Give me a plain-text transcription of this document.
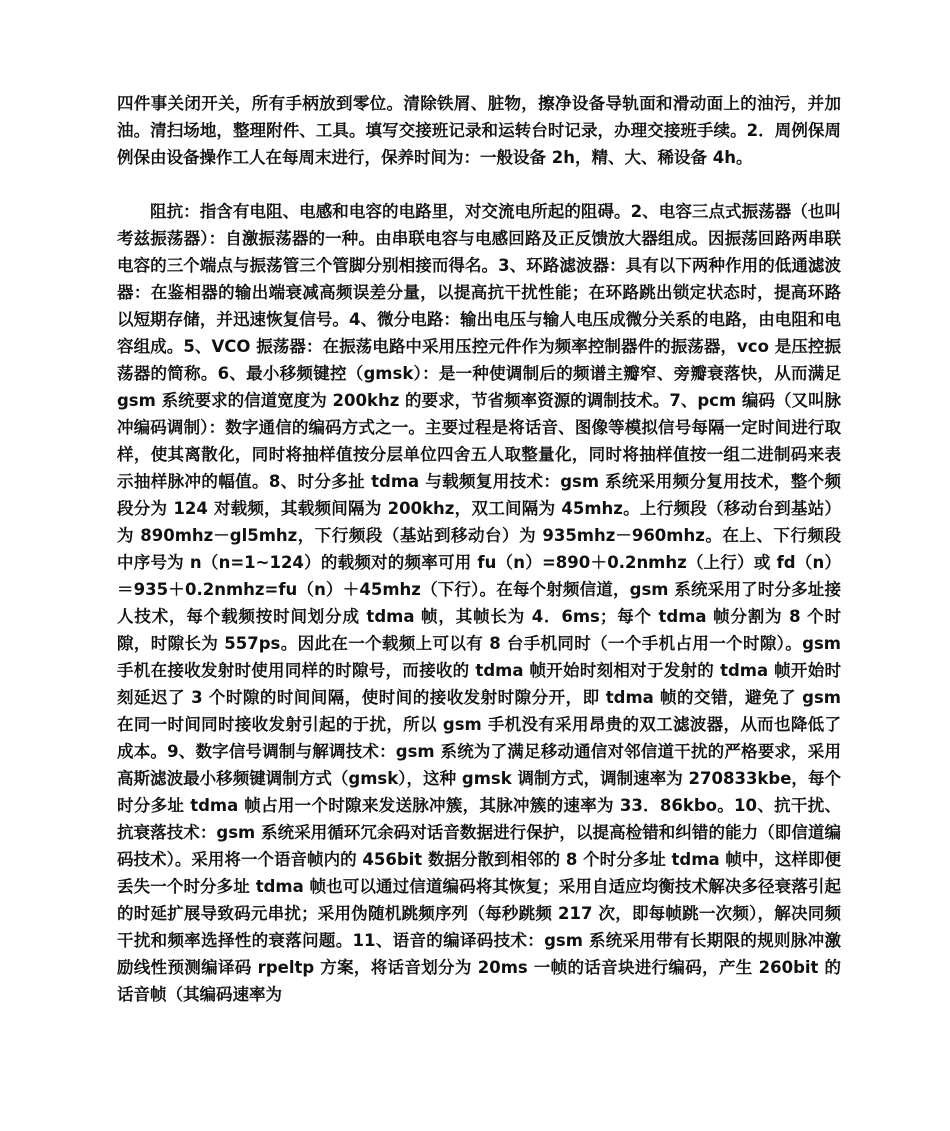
四件事关闭开关，所有手柄放到零位。清除铁屑、脏物，擦净设备导轨面和滑动面上的油污，并加油。清扫场地，整理附件、工具。填写交接班记录和运转台时记录，办理交接班手续。2．周例保周例保由设备操作工人在每周末进行，保养时间为：一般设备 2h，精、大、稀设备 4h。

阻抗：指含有电阻、电感和电容的电路里，对交流电所起的阻碍。2、电容三点式振荡器（也叫考兹振荡器）：自激振荡器的一种。由串联电容与电感回路及正反馈放大器组成。因振荡回路两串联电容的三个端点与振荡管三个管脚分别相接而得名。3、环路滤波器：具有以下两种作用的低通滤波器：在鉴相器的输出端衰减高频误差分量，以提高抗干扰性能；在环路跳出锁定状态时，提高环路以短期存储，并迅速恢复信号。4、微分电路：输出电压与输人电压成微分关系的电路，由电阻和电容组成。5、VCO 振荡器：在振荡电路中采用压控元件作为频率控制器件的振荡器，vco 是压控振荡器的简称。6、最小移频键控（gmsk）：是一种使调制后的频谱主瓣窄、旁瓣衰落快，从而满足 gsm 系统要求的信道宽度为 200khz 的要求，节省频率资源的调制技术。7、pcm 编码（又叫脉冲编码调制）：数字通信的编码方式之一。主要过程是将话音、图像等模拟信号每隔一定时间进行取样，使其离散化，同时将抽样值按分层单位四舍五人取整量化，同时将抽样值按一组二进制码来表示抽样脉冲的幅值。8、时分多扯 tdma 与载频复用技术：gsm 系统采用频分复用技术，整个频段分为 124 对载频，其载频间隔为 200khz，双工间隔为 45mhz。上行频段（移动台到基站）为 890mhz－gl5mhz，下行频段（基站到移动台）为 935mhz－960mhz。在上、下行频段中序号为 n（n=1~124）的载频对的频率可用 fu（n）=890＋0.2nmhz（上行）或 fd（n）＝935＋0.2nmhz=fu（n）＋45mhz（下行）。在每个射频信道，gsm 系统采用了时分多址接人技术，每个载频按时间划分成 tdma 帧，其帧长为 4．6ms；每个 tdma 帧分割为 8 个时隙，时隙长为 557ps。因此在一个载频上可以有 8 台手机同时（一个手机占用一个时隙）。gsm 手机在接收发射时使用同样的时隙号，而接收的 tdma 帧开始时刻相对于发射的 tdma 帧开始时刻延迟了 3 个时隙的时间间隔，使时间的接收发射时隙分开，即 tdma 帧的交错，避免了 gsm 在同一时间同时接收发射引起的于扰，所以 gsm 手机没有采用昂贵的双工滤波器，从而也降低了成本。9、数字信号调制与解调技术：gsm 系统为了满足移动通信对邻信道干扰的严格要求，采用高斯滤波最小移频键调制方式（gmsk），这种 gmsk 调制方式，调制速率为 270833kbe，每个时分多址 tdma 帧占用一个时隙来发送脉冲簇，其脉冲簇的速率为 33．86kbo。10、抗干扰、抗衰落技术：gsm 系统采用循环冗余码对话音数据进行保护，以提高检错和纠错的能力（即信道编码技术）。采用将一个语音帧内的 456bit 数据分散到相邻的 8 个时分多址 tdma 帧中，这样即便丢失一个时分多址 tdma 帧也可以通过信道编码将其恢复；采用自适应均衡技术解决多径衰落引起的时延扩展导致码元串扰；采用伪随机跳频序列（每秒跳频 217 次，即每帧跳一次频），解决同频干扰和频率选择性的衰落问题。11、语音的编译码技术：gsm 系统采用带有长期限的规则脉冲激励线性预测编译码 rpeltp 方案，将话音划分为 20ms 一帧的话音块进行编码，产生 260bit 的话音帧（其编码速率为
